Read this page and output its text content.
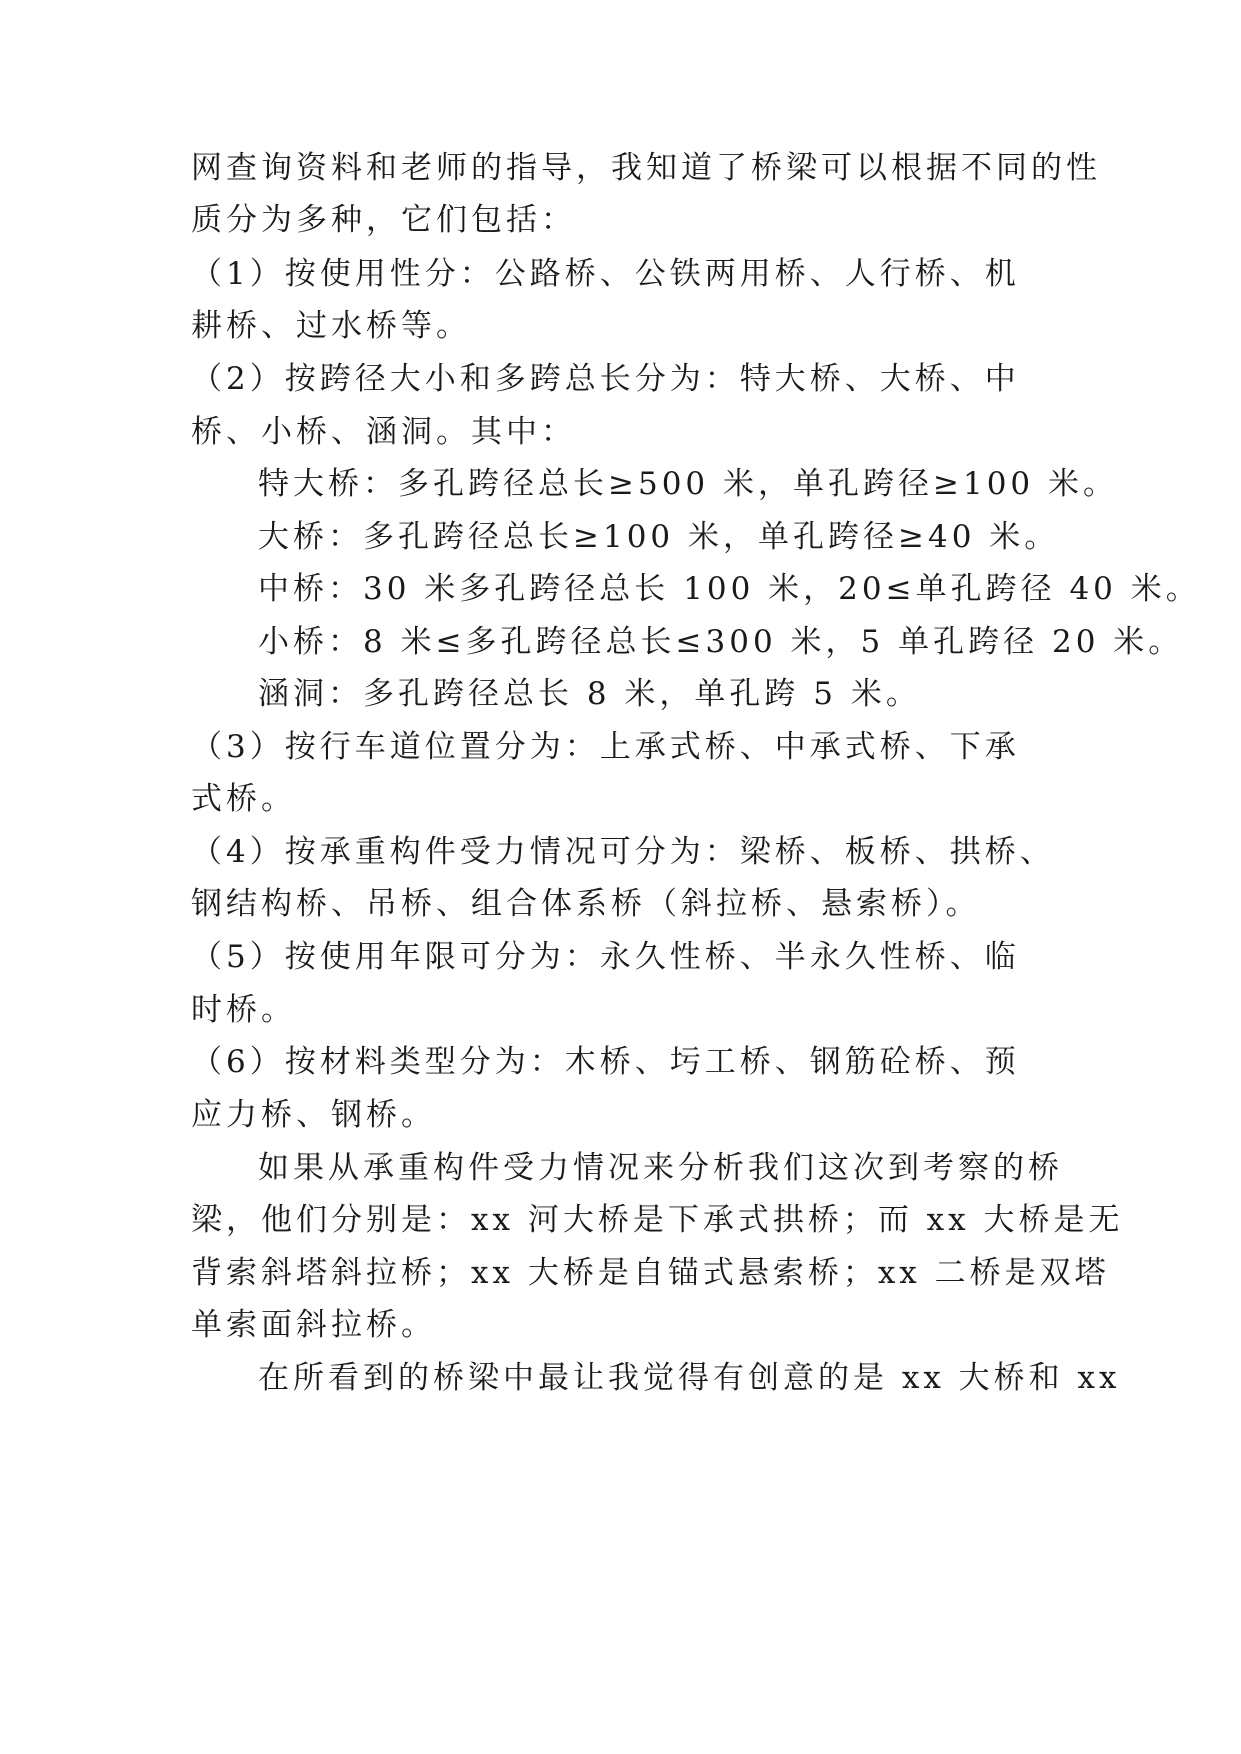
网查询资料和老师的指导，我知道了桥梁可以根据不同的性
质分为多种，它们包括：
（1）按使用性分：公路桥、公铁两用桥、人行桥、机
耕桥、过水桥等。
（2）按跨径大小和多跨总长分为：特大桥、大桥、中
桥、小桥、涵洞。其中：
特大桥：多孔跨径总长≥500 米，单孔跨径≥100 米。
大桥：多孔跨径总长≥100 米，单孔跨径≥40 米。
中桥：30 米多孔跨径总长 100 米，20≤单孔跨径 40 米。
小桥：8 米≤多孔跨径总长≤300 米，5 单孔跨径 20 米。
涵洞：多孔跨径总长 8 米，单孔跨 5 米。
（3）按行车道位置分为：上承式桥、中承式桥、下承
式桥。
（4）按承重构件受力情况可分为：梁桥、板桥、拱桥、
钢结构桥、吊桥、组合体系桥（斜拉桥、悬索桥）。
（5）按使用年限可分为：永久性桥、半永久性桥、临
时桥。
（6）按材料类型分为：木桥、圬工桥、钢筋砼桥、预
应力桥、钢桥。
如果从承重构件受力情况来分析我们这次到考察的桥
梁，他们分别是：xx 河大桥是下承式拱桥；而 xx 大桥是无
背索斜塔斜拉桥；xx 大桥是自锚式悬索桥；xx 二桥是双塔
单索面斜拉桥。
在所看到的桥梁中最让我觉得有创意的是 xx 大桥和 xx
